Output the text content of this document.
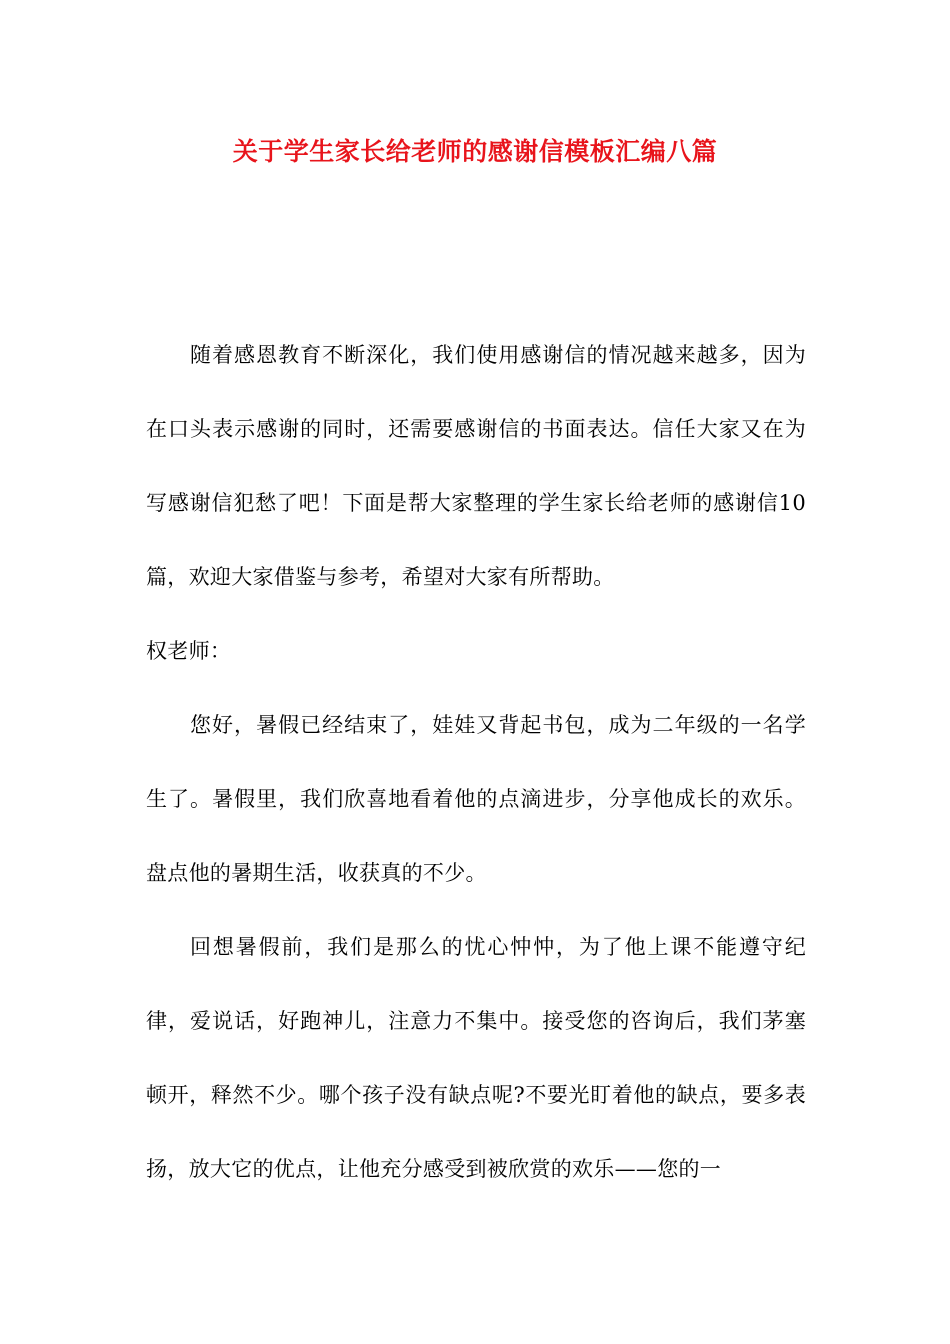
关于学生家长给老师的感谢信模板汇编八篇

随着感恩教育不断深化，我们使用感谢信的情况越来越多，因为在口头表示感谢的同时，还需要感谢信的书面表达。信任大家又在为写感谢信犯愁了吧！下面是帮大家整理的学生家长给老师的感谢信10篇，欢迎大家借鉴与参考，希望对大家有所帮助。

权老师：

您好，暑假已经结束了，娃娃又背起书包，成为二年级的一名学生了。暑假里，我们欣喜地看着他的点滴进步，分享他成长的欢乐。盘点他的暑期生活，收获真的不少。

回想暑假前，我们是那么的忧心忡忡，为了他上课不能遵守纪律，爱说话，好跑神儿，注意力不集中。接受您的咨询后，我们茅塞顿开，释然不少。哪个孩子没有缺点呢?不要光盯着他的缺点，要多表扬，放大它的优点，让他充分感受到被欣赏的欢乐——您的一
